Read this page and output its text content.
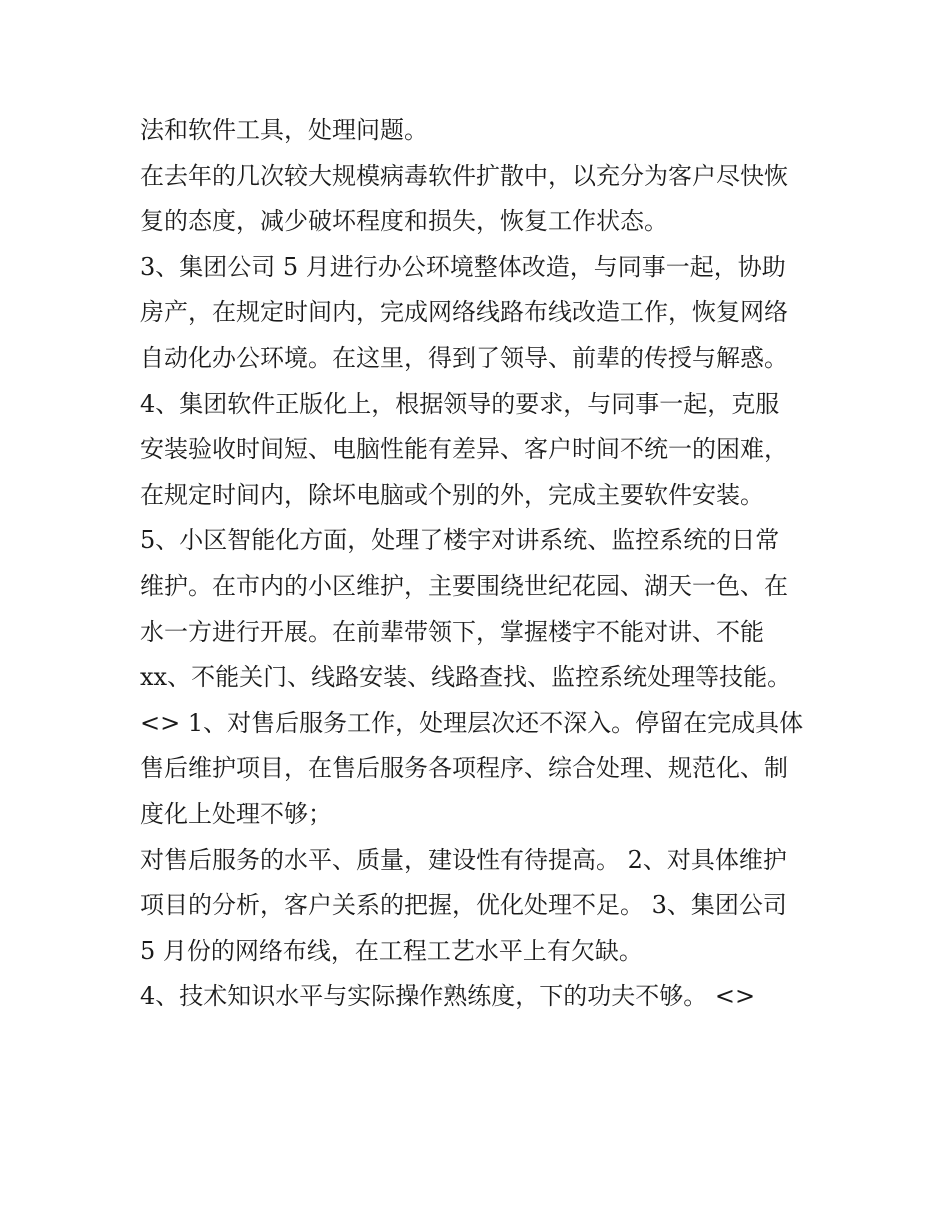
法和软件工具，处理问题。
在去年的几次较大规模病毒软件扩散中，以充分为客户尽快恢
复的态度，减少破坏程度和损失，恢复工作状态。
3、集团公司 5 月进行办公环境整体改造，与同事一起，协助
房产，在规定时间内，完成网络线路布线改造工作，恢复网络
自动化办公环境。在这里，得到了领导、前辈的传授与解惑。
4、集团软件正版化上，根据领导的要求，与同事一起，克服
安装验收时间短、电脑性能有差异、客户时间不统一的困难，
在规定时间内，除坏电脑或个别的外，完成主要软件安装。
5、小区智能化方面，处理了楼宇对讲系统、监控系统的日常
维护。在市内的小区维护，主要围绕世纪花园、湖天一色、在
水一方进行开展。在前辈带领下，掌握楼宇不能对讲、不能
xx、不能关门、线路安装、线路查找、监控系统处理等技能。
<> 1、对售后服务工作，处理层次还不深入。停留在完成具体
售后维护项目，在售后服务各项程序、综合处理、规范化、制
度化上处理不够；
对售后服务的水平、质量，建设性有待提高。 2、对具体维护
项目的分析，客户关系的把握，优化处理不足。 3、集团公司
5 月份的网络布线，在工程工艺水平上有欠缺。
4、技术知识水平与实际操作熟练度，下的功夫不够。 <>
